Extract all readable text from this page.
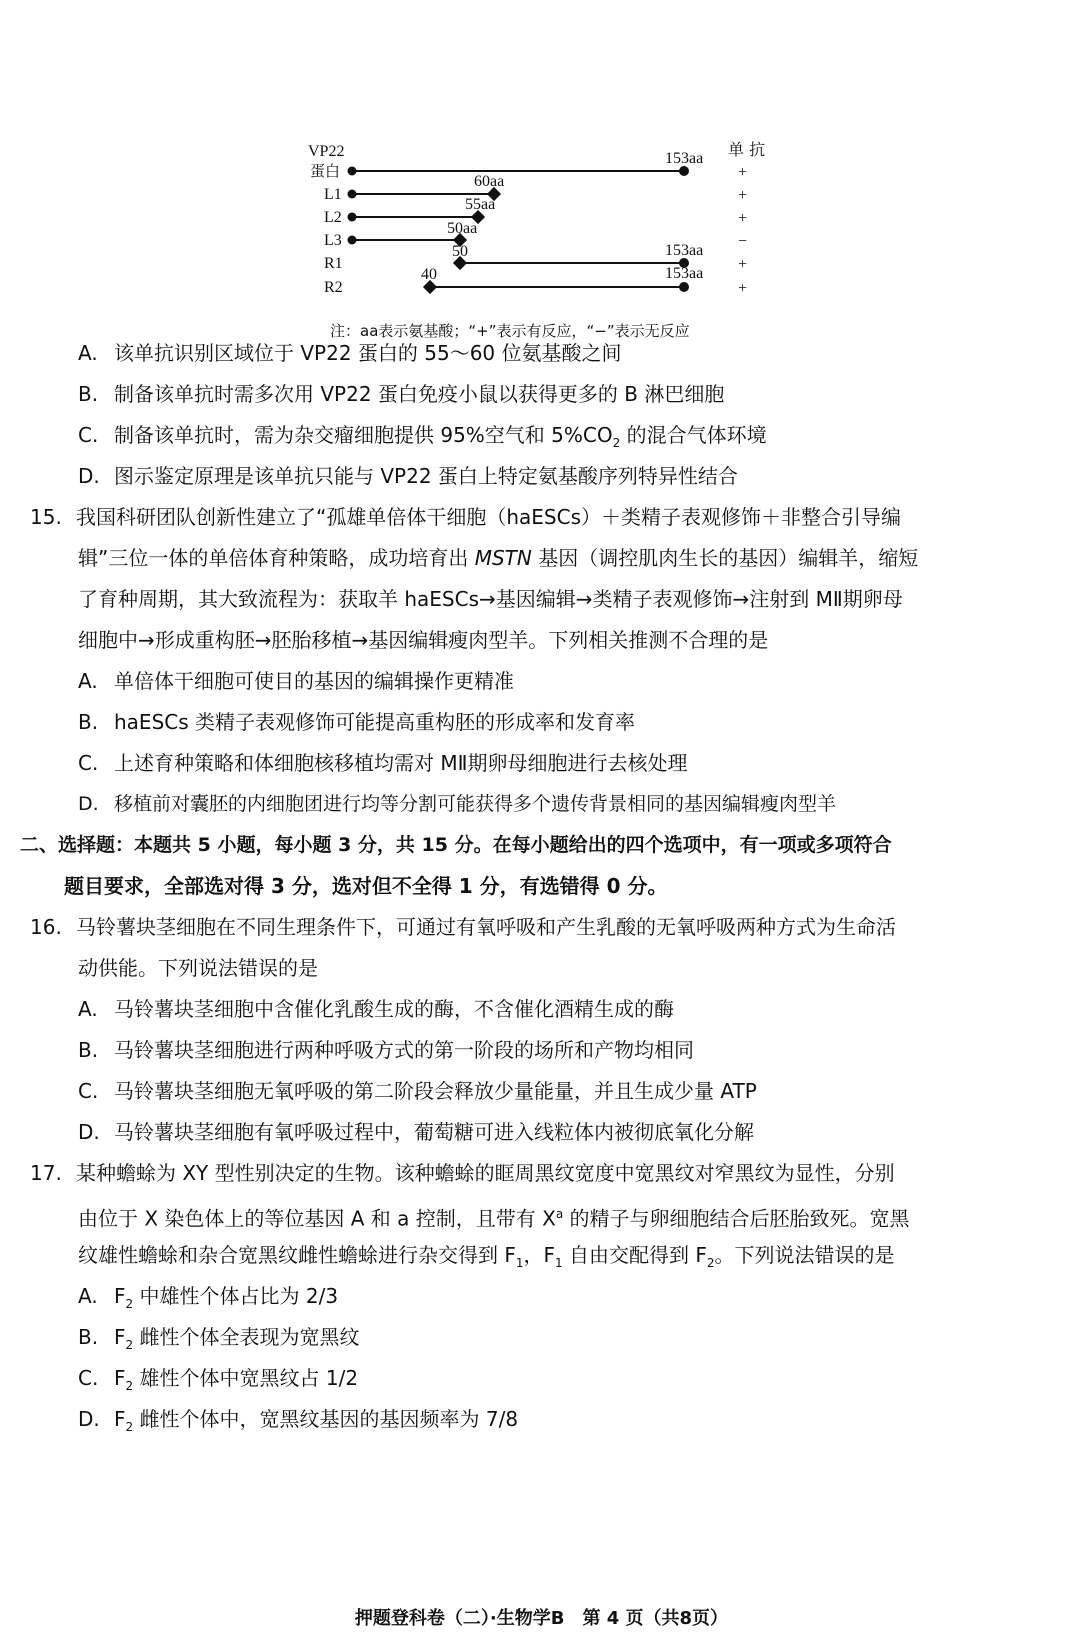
VP22
蛋白
L1
L2
L3
R1
R2
单 抗
153aa
60aa
55aa
50aa
50	153aa
40	153aa
+
+
+
−
+
+
注：aa表示氨基酸；“+”表示有反应，“−”表示无反应
A. 该单抗识别区域位于 VP22 蛋白的 55～60 位氨基酸之间
B. 制备该单抗时需多次用 VP22 蛋白免疫小鼠以获得更多的 B 淋巴细胞
C. 制备该单抗时，需为杂交瘤细胞提供 95%空气和 $5\%CO_2$ 的混合气体环境
D. 图示鉴定原理是该单抗只能与 VP22 蛋白上特定氨基酸序列特异性结合
15. 我国科研团队创新性建立了“孤雄单倍体干细胞（haESCs）＋类精子表观修饰＋非整合引导编
辑”三位一体的单倍体育种策略，成功培育出 MSTN 基因（调控肌肉生长的基因）编辑羊，缩短
了育种周期，其大致流程为：获取羊 haESCs→基因编辑→类精子表观修饰→注射到 MⅡ期卵母
细胞中→形成重构胚→胚胎移植→基因编辑瘦肉型羊。下列相关推测不合理的是
A. 单倍体干细胞可使目的基因的编辑操作更精准
B. haESCs 类精子表观修饰可能提高重构胚的形成率和发育率
C. 上述育种策略和体细胞核移植均需对 MⅡ期卵母细胞进行去核处理
D. 移植前对囊胚的内细胞团进行均等分割可能获得多个遗传背景相同的基因编辑瘦肉型羊
二、选择题：本题共 5 小题，每小题 3 分，共 15 分。在每小题给出的四个选项中，有一项或多项符合
题目要求，全部选对得 3 分，选对但不全得 1 分，有选错得 0 分。
16. 马铃薯块茎细胞在不同生理条件下，可通过有氧呼吸和产生乳酸的无氧呼吸两种方式为生命活
动供能。下列说法错误的是
A. 马铃薯块茎细胞中含催化乳酸生成的酶，不含催化酒精生成的酶
B. 马铃薯块茎细胞进行两种呼吸方式的第一阶段的场所和产物均相同
C. 马铃薯块茎细胞无氧呼吸的第二阶段会释放少量能量，并且生成少量 ATP
D. 马铃薯块茎细胞有氧呼吸过程中，葡萄糖可进入线粒体内被彻底氧化分解
17. 某种蟾蜍为 XY 型性别决定的生物。该种蟾蜍的眶周黑纹宽度中宽黑纹对窄黑纹为显性，分别
由位于 X 染色体上的等位基因 A 和 a 控制，且带有 $X^a$ 的精子与卵细胞结合后胚胎致死。宽黑
纹雄性蟾蜍和杂合宽黑纹雌性蟾蜍进行杂交得到 $F_1$，$F_1$ 自由交配得到 $F_2$。下列说法错误的是
A. $F_2$ 中雄性个体占比为 2/3
B. $F_2$ 雌性个体全表现为宽黑纹
C. $F_2$ 雄性个体中宽黑纹占 1/2
D. $F_2$ 雌性个体中，宽黑纹基因的基因频率为 7/8
押题登科卷（二）·生物学B　第 4 页（共8页）
